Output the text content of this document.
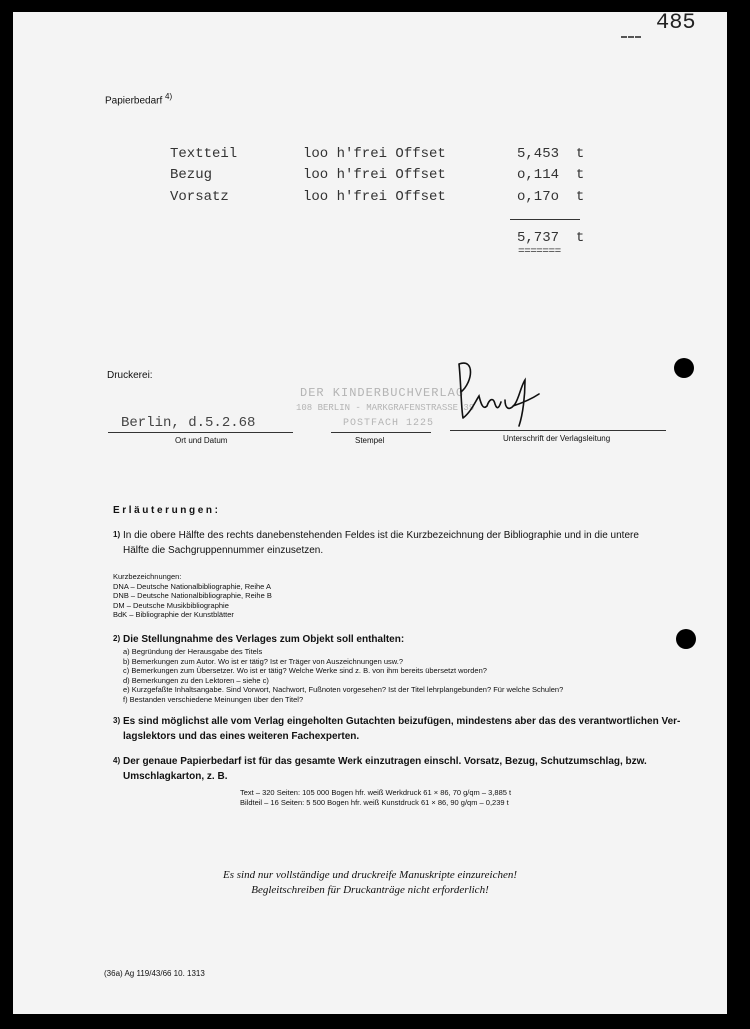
485
Papierbedarf $^{4)}$
Textteil	loo h'frei Offset	5,453 t
Bezug	loo h'frei Offset	o,114 t
Vorsatz	loo h'frei Offset	o,17o t
5,737 t
=======
Druckerei:
Berlin, d.5.2.68
Ort und Datum
DER KINDERBUCHVERLAG
108 BERLIN - MARKGRAFENSTRASSE 39
POSTFACH 1225
Stempel	Unterschrift der Verlagsleitung
Erläuterungen:
1) In die obere Hälfte des rechts danebenstehenden Feldes ist die Kurzbezeichnung der Bibliographie und in die untere
Hälfte die Sachgruppennummer einzusetzen.
Kurzbezeichnungen:
DNA – Deutsche Nationalbibliographie, Reihe A
DNB – Deutsche Nationalbibliographie, Reihe B
DM – Deutsche Musikbibliographie
BdK – Bibliographie der Kunstblätter
2) Die Stellungnahme des Verlages zum Objekt soll enthalten:
a) Begründung der Herausgabe des Titels
b) Bemerkungen zum Autor. Wo ist er tätig? Ist er Träger von Auszeichnungen usw.?
c) Bemerkungen zum Übersetzer. Wo ist er tätig? Welche Werke sind z. B. von ihm bereits übersetzt worden?
d) Bemerkungen zu den Lektoren – siehe c)
e) Kurzgefaßte Inhaltsangabe. Sind Vorwort, Nachwort, Fußnoten vorgesehen? Ist der Titel lehrplangebunden? Für welche Schulen?
f) Bestanden verschiedene Meinungen über den Titel?
3) Es sind möglichst alle vom Verlag eingeholten Gutachten beizufügen, mindestens aber das des verantwortlichen Ver-
lagslektors und das eines weiteren Fachexperten.
4) Der genaue Papierbedarf ist für das gesamte Werk einzutragen einschl. Vorsatz, Bezug, Schutzumschlag, bzw.
Umschlagkarton, z. B.
Text – 320 Seiten: 105 000 Bogen hfr. weiß Werkdruck 61 × 86, 70 g/qm – 3,885 t
Bildteil – 16 Seiten: 5 500 Bogen hfr. weiß Kunstdruck 61 × 86, 90 g/qm – 0,239 t
Es sind nur vollständige und druckreife Manuskripte einzureichen!
Begleitschreiben für Druckanträge nicht erforderlich!
(36a) Ag 119/43/66 10. 1313
